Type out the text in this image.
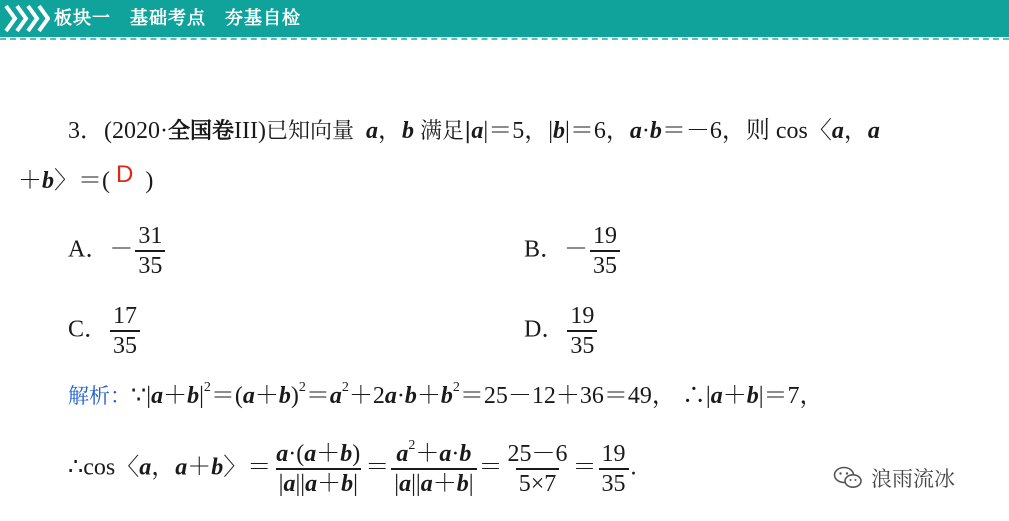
板块一　基础考点　夯基自检
3．(2020·全国卷III)已知向量 a，b 满足|a|＝5，|b|＝6，a·b＝－6，则 cos〈a，a
＋b〉＝( D )
A．－ $\frac{31}{35}$	B．－ $\frac{19}{35}$
C． $\frac{17}{35}$	D． $\frac{19}{35}$
解析：$\because|a+b|^2=(a+b)^2=a^2+2a\cdot b+b^2=25-12+36=49$， ∴|a＋b|＝7，
∴cos〈a，a＋b〉＝ $\frac{a\cdot(a+b)}{|a||a+b|} = \frac{a^2+a\cdot b}{|a||a+b|} = \frac{25-6}{5\times 7} = \frac{19}{35}$ .	浪雨流冰
